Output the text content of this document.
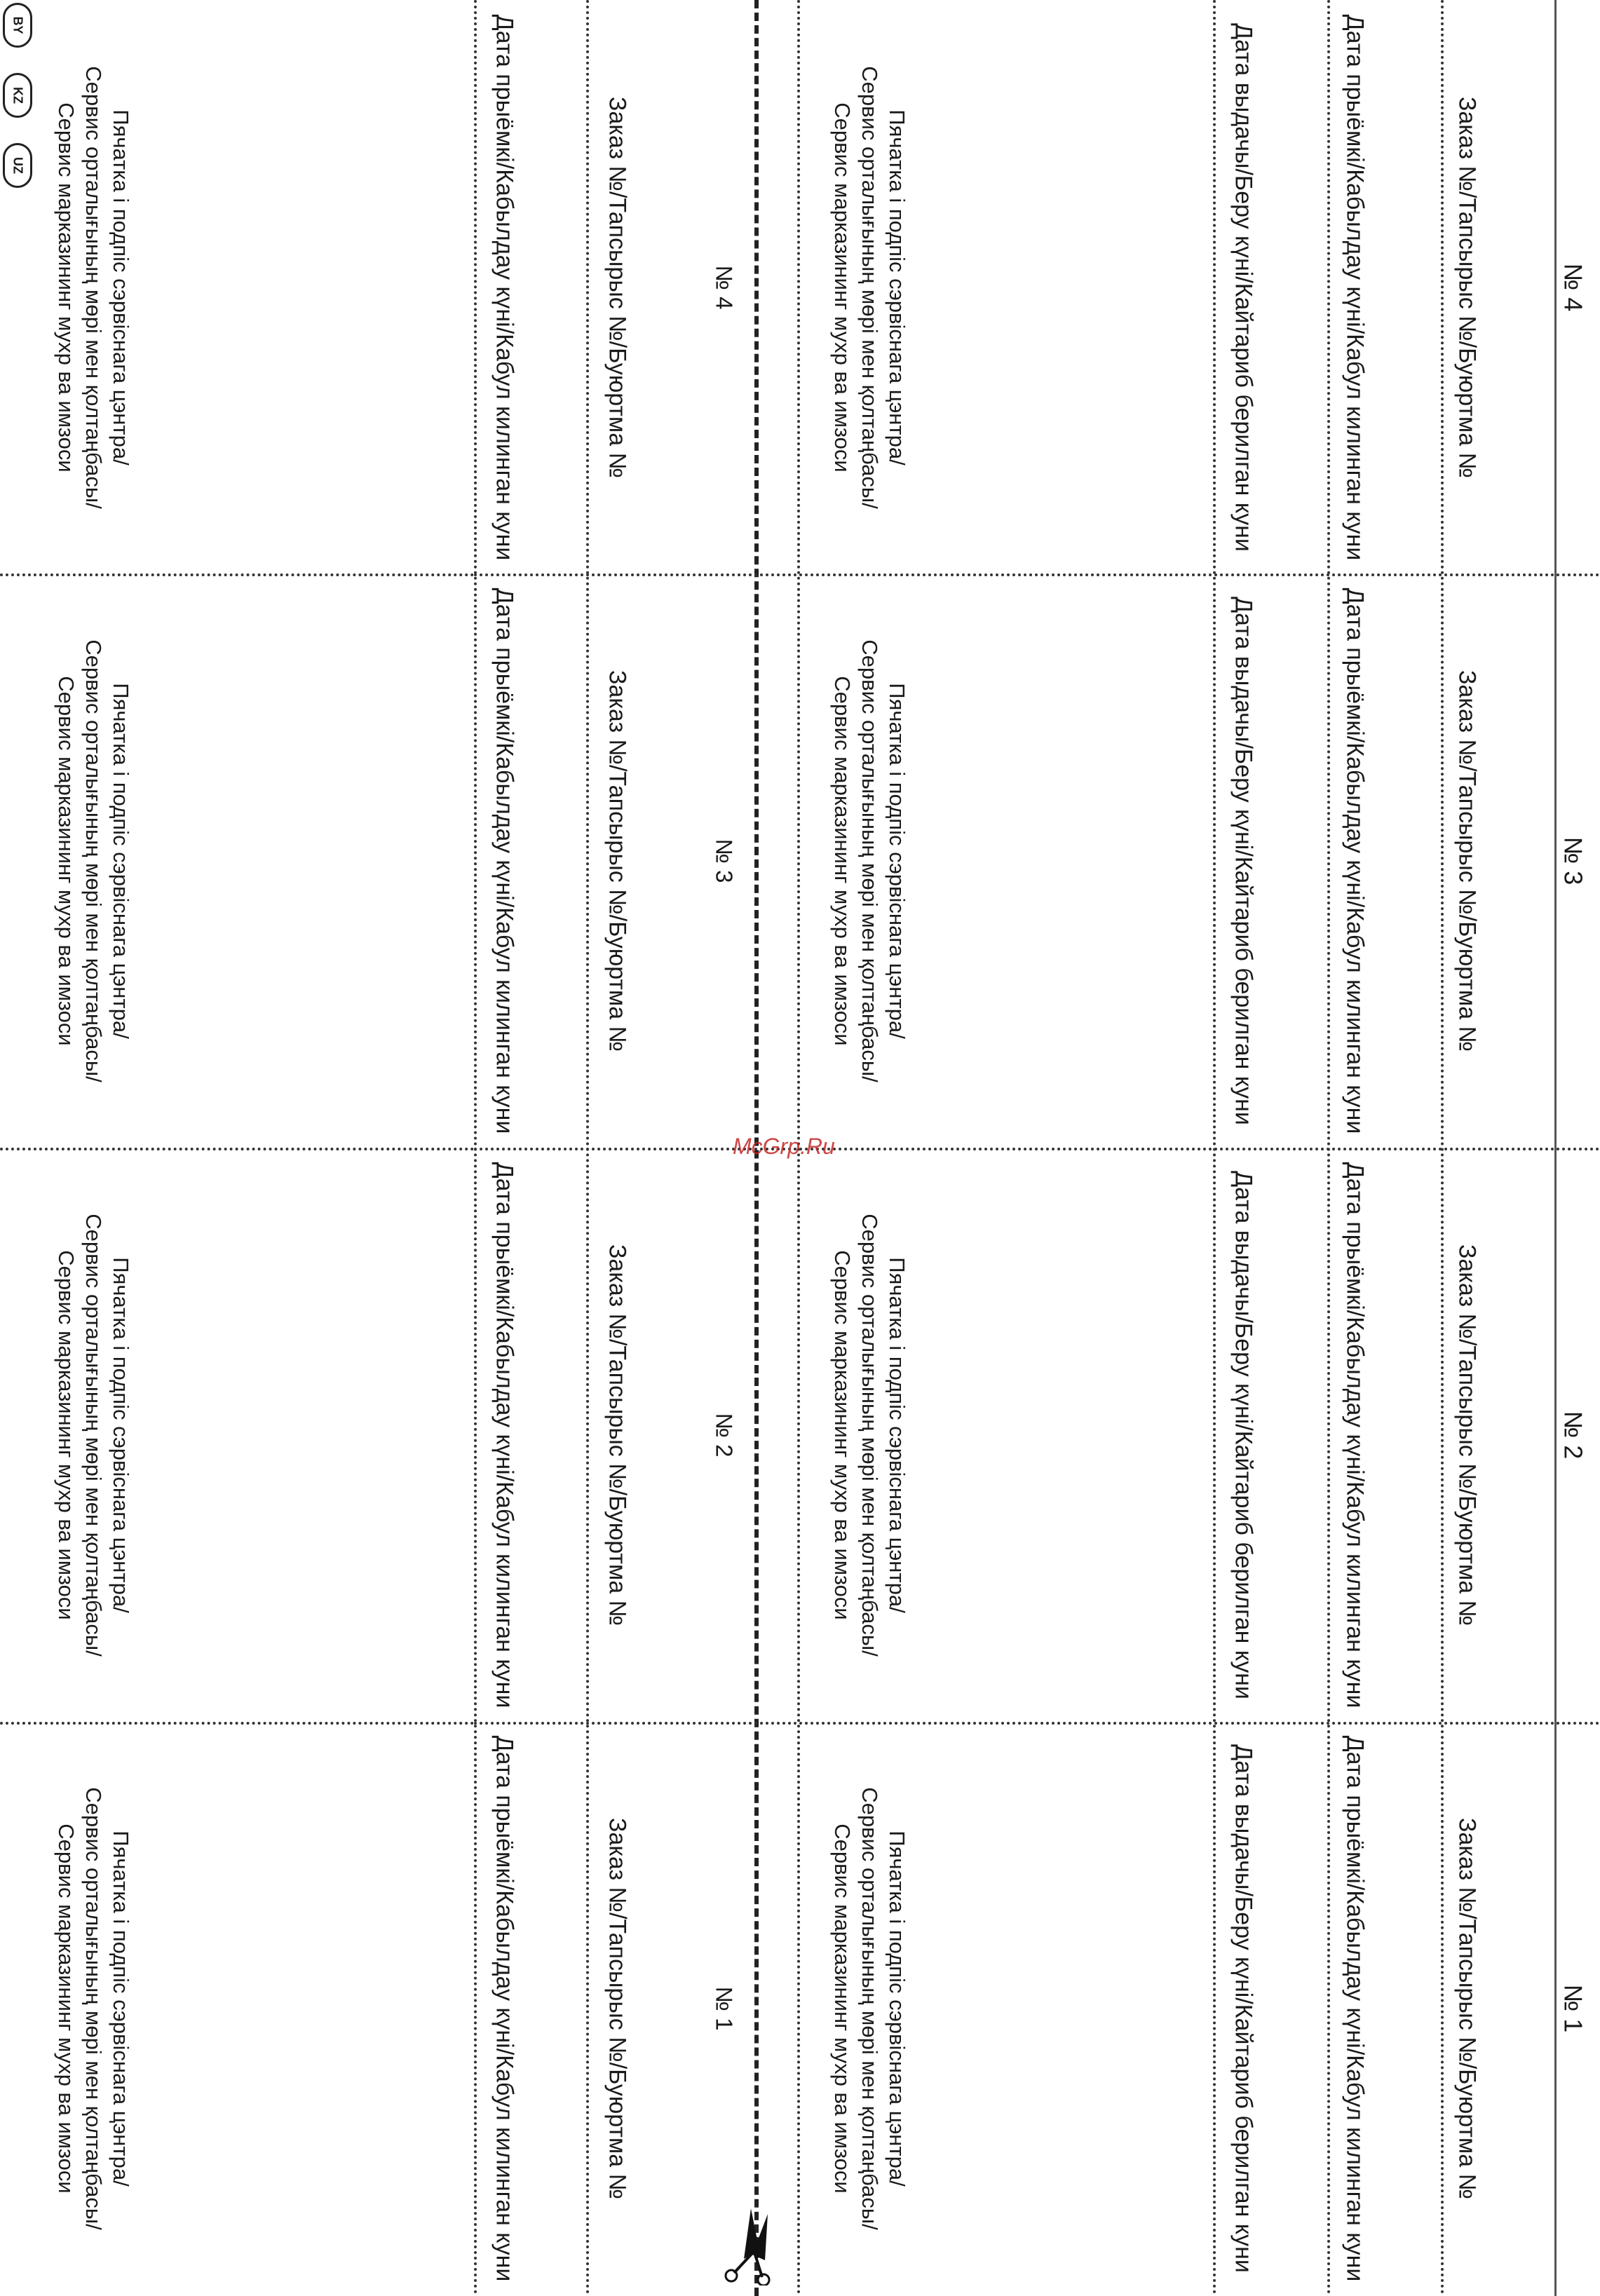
BY
KZ
UZ
№ 4
Заказ №/Тапсырыс №/Буюртма №
Дата прыёмкі/Кабылдау күні/Кабул килинган куни
Дата выдачы/Беру күні/Кайтариб берилган куни
Пячатка і подпіс сэрвіснага цэнтра/
Сервис орталығының мөрі мен қолтаңбасы/
Сервис марказининг мухр ва имзоси
№ 4
Заказ №/Тапсырыс №/Буюртма №
Дата прыёмкі/Кабылдау күні/Кабул килинган куни
Пячатка і подпіс сэрвіснага цэнтра/
Сервис орталығының мөрі мен қолтаңбасы/
Сервис марказининг мухр ва имзоси
№ 3
Заказ №/Тапсырыс №/Буюртма №
Дата прыёмкі/Кабылдау күні/Кабул килинган куни
Дата выдачы/Беру күні/Кайтариб берилган куни
Пячатка і подпіс сэрвіснага цэнтра/
Сервис орталығының мөрі мен қолтаңбасы/
Сервис марказининг мухр ва имзоси
№ 3
Заказ №/Тапсырыс №/Буюртма №
Дата прыёмкі/Кабылдау күні/Кабул килинган куни
Пячатка і подпіс сэрвіснага цэнтра/
Сервис орталығының мөрі мен қолтаңбасы/
Сервис марказининг мухр ва имзоси
№ 2
Заказ №/Тапсырыс №/Буюртма №
Дата прыёмкі/Кабылдау күні/Кабул килинган куни
Дата выдачы/Беру күні/Кайтариб берилган куни
Пячатка і подпіс сэрвіснага цэнтра/
Сервис орталығының мөрі мен қолтаңбасы/
Сервис марказининг мухр ва имзоси
№ 2
Заказ №/Тапсырыс №/Буюртма №
Дата прыёмкі/Кабылдау күні/Кабул килинган куни
Пячатка і подпіс сэрвіснага цэнтра/
Сервис орталығының мөрі мен қолтаңбасы/
Сервис марказининг мухр ва имзоси
№ 1
Заказ №/Тапсырыс №/Буюртма №
Дата прыёмкі/Кабылдау күні/Кабул килинган куни
Дата выдачы/Беру күні/Кайтариб берилган куни
Пячатка і подпіс сэрвіснага цэнтра/
Сервис орталығының мөрі мен қолтаңбасы/
Сервис марказининг мухр ва имзоси
№ 1
Заказ №/Тапсырыс №/Буюртма №
Дата прыёмкі/Кабылдау күні/Кабул килинган куни
Пячатка і подпіс сэрвіснага цэнтра/
Сервис орталығының мөрі мен қолтаңбасы/
Сервис марказининг мухр ва имзоси
McGrp.Ru
